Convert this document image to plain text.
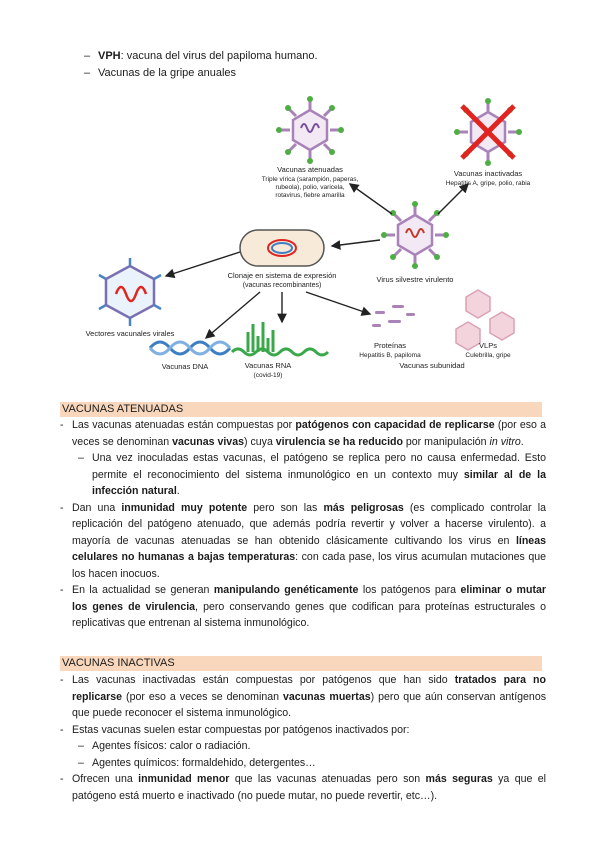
– VPH: vacuna del virus del papiloma humano.
– Vacunas de la gripe anuales
Vacunas atenuadas
Triple vírica (sarampión, paperas,
rubeola), polio, varicela,
rotavirus, fiebre amarilla
Vacunas inactivadas
Hepatitis A, gripe, polio, rabia
Virus silvestre virulento
Clonaje en sistema de expresión
(vacunas recombinantes)
Vectores vacunales virales
Vacunas DNA	Vacunas RNA
(covid-19)
Proteínas
Hepatitis B, papiloma
VLPs
Culebrilla, gripe
Vacunas subunidad
VACUNAS ATENUADAS
- Las vacunas atenuadas están compuestas por patógenos con capacidad de replicarse (por eso a veces se denominan vacunas vivas) cuya virulencia se ha reducido por manipulación in vitro.
– Una vez inoculadas estas vacunas, el patógeno se replica pero no causa enfermedad. Esto permite el reconocimiento del sistema inmunológico en un contexto muy similar al de la infección natural.
- Dan una inmunidad muy potente pero son las más peligrosas (es complicado controlar la replicación del patógeno atenuado, que además podría revertir y volver a hacerse virulento). a mayoría de vacunas atenuadas se han obtenido clásicamente cultivando los virus en líneas celulares no humanas a bajas temperaturas: con cada pase, los virus acumulan mutaciones que los hacen inocuos.
- En la actualidad se generan manipulando genéticamente los patógenos para eliminar o mutar los genes de virulencia, pero conservando genes que codifican para proteínas estructurales o replicativas que entrenan al sistema inmunológico.
VACUNAS INACTIVAS
- Las vacunas inactivadas están compuestas por patógenos que han sido tratados para no replicarse (por eso a veces se denominan vacunas muertas) pero que aún conservan antígenos que puede reconocer el sistema inmunológico.
- Estas vacunas suelen estar compuestas por patógenos inactivados por:
– Agentes físicos: calor o radiación.
– Agentes químicos: formaldehido, detergentes…
- Ofrecen una inmunidad menor que las vacunas atenuadas pero son más seguras ya que el patógeno está muerto e inactivado (no puede mutar, no puede revertir, etc…).
